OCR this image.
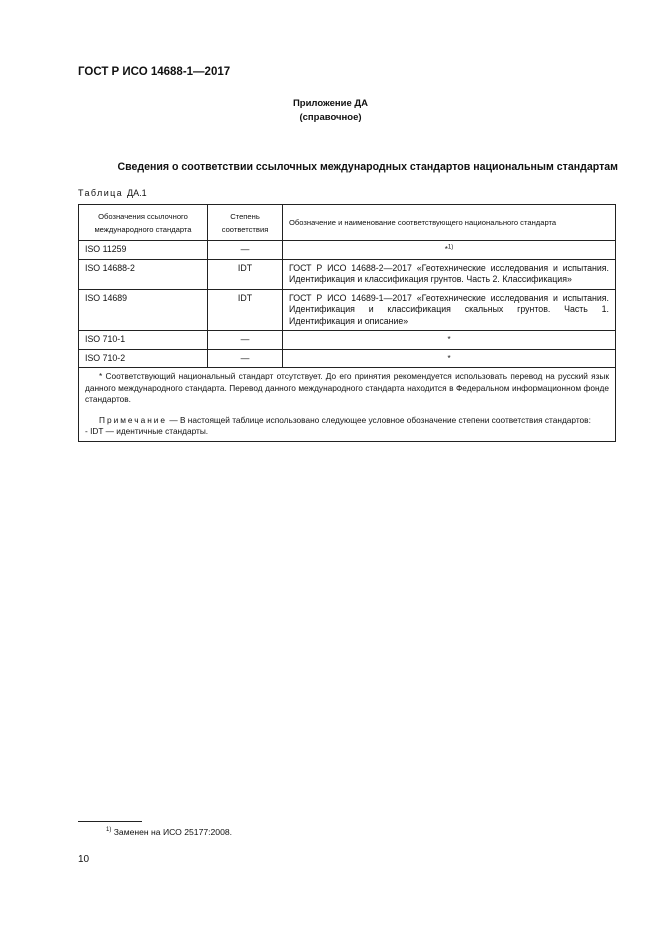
ГОСТ Р ИСО 14688-1—2017
Приложение ДА
(справочное)
Сведения о соответствии ссылочных международных стандартов национальным стандартам
Таблица ДА.1
Обозначения ссылочного международного стандарта	Степень соответствия	Обозначение и наименование соответствующего национального стандарта
ISO 11259	—	*$^{1)}$
ISO 14688-2	IDT	ГОСТ Р ИСО 14688-2—2017 «Геотехнические исследования и испытания. Идентификация и классификация грунтов. Часть 2. Классификация»
ISO 14689	IDT	ГОСТ Р ИСО 14689-1—2017 «Геотехнические исследования и испытания. Идентификация и классификация скальных грунтов. Часть 1. Идентификация и описание»
ISO 710-1	—	*
ISO 710-2	—	*

* Соответствующий национальный стандарт отсутствует. До его принятия рекомендуется использовать перевод на русский язык данного международного стандарта. Перевод данного международного стандарта находится в Федеральном информационном фонде стандартов.

Примечание — В настоящей таблице использовано следующее условное обозначение степени соответствия стандартов:

- IDT — идентичные стандарты.		

$^{1)}$ Заменен на ИСО 25177:2008.
10
